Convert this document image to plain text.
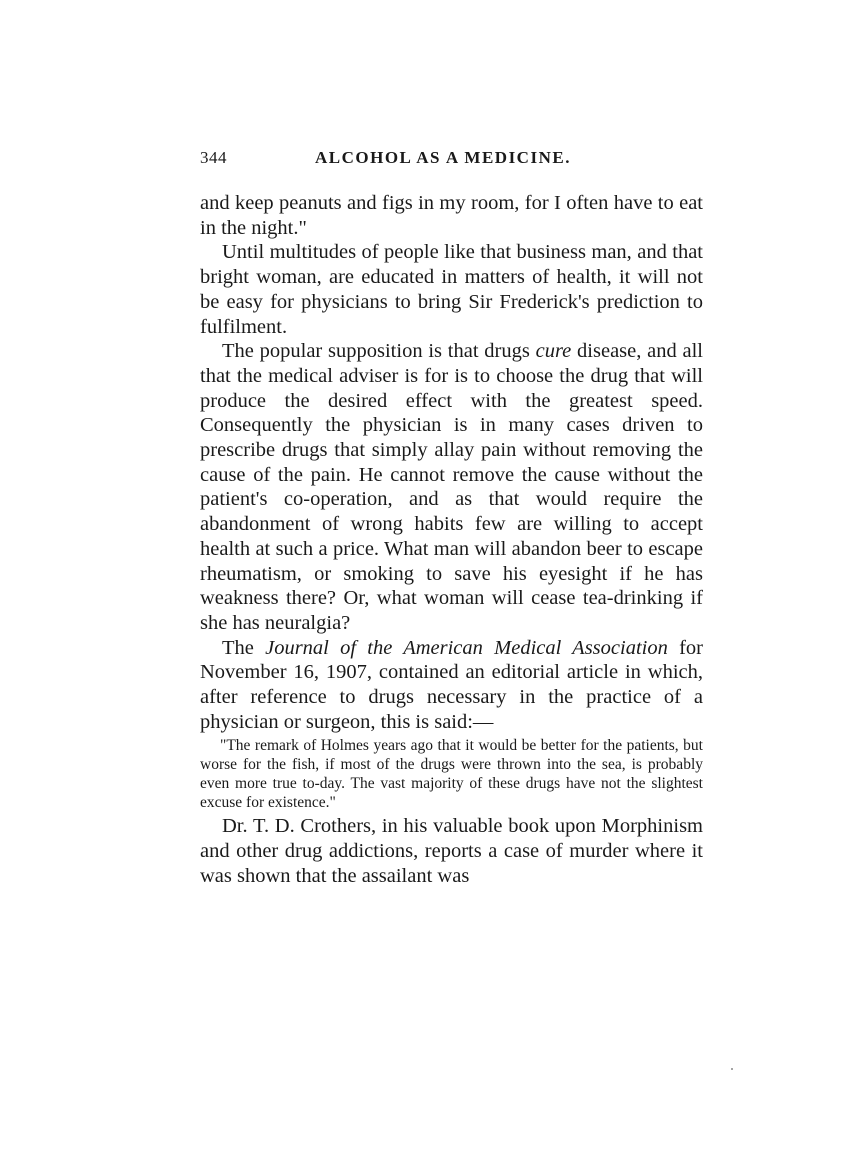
344	ALCOHOL AS A MEDICINE.

and keep peanuts and figs in my room, for I often have to eat in the night."

Until multitudes of people like that business man, and that bright woman, are educated in matters of health, it will not be easy for physicians to bring Sir Frederick's prediction to fulfilment.

The popular supposition is that drugs cure disease, and all that the medical adviser is for is to choose the drug that will produce the desired effect with the greatest speed. Consequently the physician is in many cases driven to prescribe drugs that simply allay pain without removing the cause of the pain. He cannot remove the cause without the patient's co-operation, and as that would require the abandonment of wrong habits few are willing to accept health at such a price. What man will abandon beer to escape rheumatism, or smoking to save his eyesight if he has weakness there? Or, what woman will cease tea-drinking if she has neuralgia?

The Journal of the American Medical Association for November 16, 1907, contained an editorial article in which, after reference to drugs necessary in the practice of a physician or surgeon, this is said:—

"The remark of Holmes years ago that it would be better for the patients, but worse for the fish, if most of the drugs were thrown into the sea, is probably even more true to-day. The vast majority of these drugs have not the slightest excuse for existence."

Dr. T. D. Crothers, in his valuable book upon Morphinism and other drug addictions, reports a case of murder where it was shown that the assailant was
